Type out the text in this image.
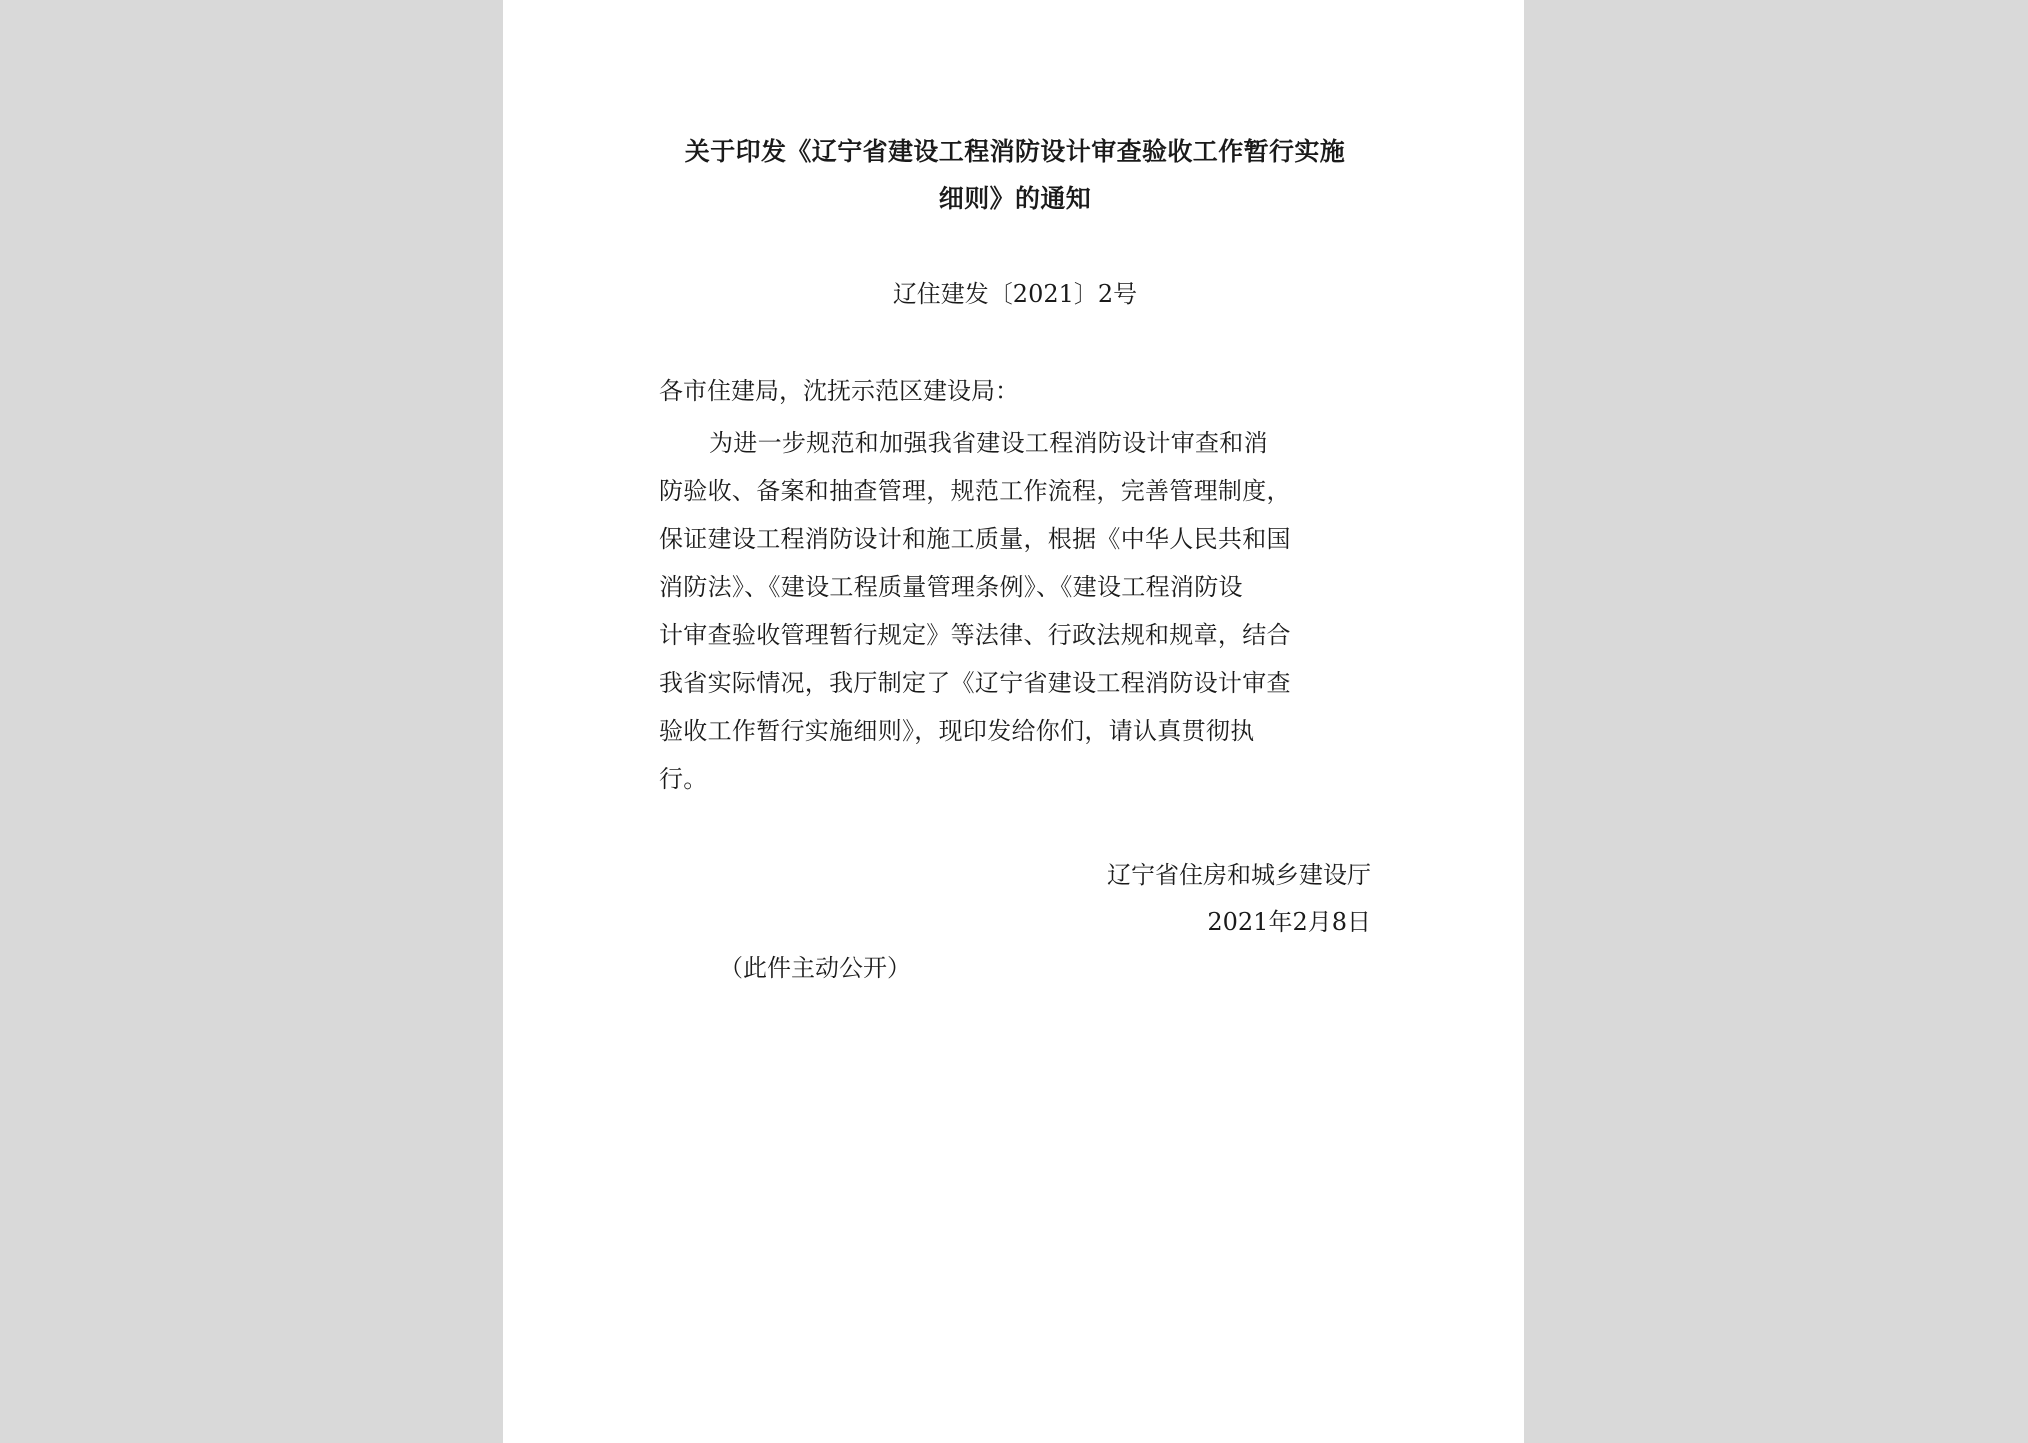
关于印发《辽宁省建设工程消防设计审查验收工作暂行实施
细则》的通知
辽住建发〔2021〕2号
各市住建局，沈抚示范区建设局：
为进一步规范和加强我省建设工程消防设计审查和消
防验收、备案和抽查管理，规范工作流程，完善管理制度，
保证建设工程消防设计和施工质量，根据《中华人民共和国
消防法》、《建设工程质量管理条例》、《建设工程消防设
计审查验收管理暂行规定》等法律、行政法规和规章，结合
我省实际情况，我厅制定了《辽宁省建设工程消防设计审查
验收工作暂行实施细则》，现印发给你们，请认真贯彻执
行。
辽宁省住房和城乡建设厅
2021年2月8日
（此件主动公开）
